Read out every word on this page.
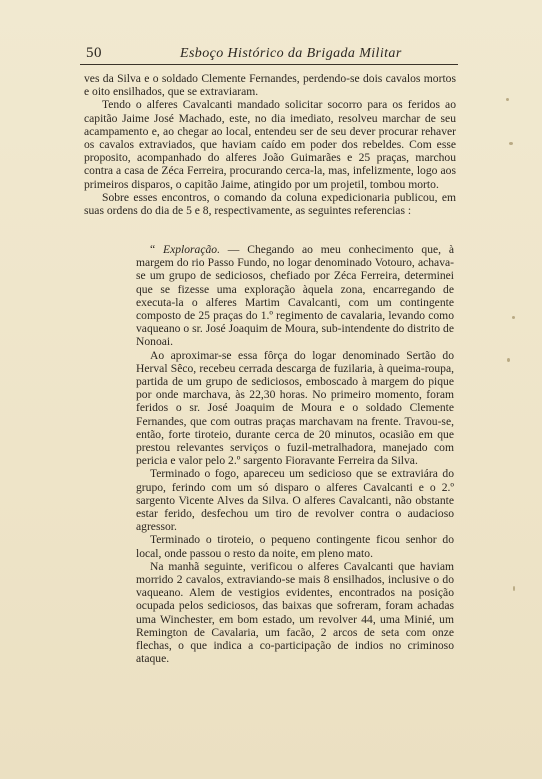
50	Esboço Histórico da Brigada Militar

ves da Silva e o soldado Clemente Fernandes, perdendo-se dois cavalos mortos e oito ensilhados, que se extraviaram.

Tendo o alferes Cavalcanti mandado solicitar socorro para os feridos ao capitão Jaime José Machado, este, no dia imediato, resolveu marchar de seu acampamento e, ao chegar ao local, entendeu ser de seu dever procurar rehaver os cavalos extraviados, que haviam caído em poder dos rebeldes. Com esse proposito, acompanhado do alferes João Guimarães e 25 praças, marchou contra a casa de Zéca Ferreira, procurando cerca-la, mas, infelizmente, logo aos primeiros disparos, o capitão Jaime, atingido por um projetil, tombou morto.

Sobre esses encontros, o comando da coluna expedicionaria publicou, em suas ordens do dia de 5 e 8, respectivamente, as seguintes referencias :

“ Exploração. — Chegando ao meu conhecimento que, à margem do rio Passo Fundo, no logar denominado Votouro, achava-se um grupo de sediciosos, chefiado por Zéca Ferreira, determinei que se fizesse uma exploração àquela zona, encarregando de executa-la o alferes Martim Cavalcanti, com um contingente composto de 25 praças do 1.º regimento de cavalaria, levando como vaqueano o sr. José Joaquim de Moura, sub-intendente do distrito de Nonoai.

Ao aproximar-se essa fôrça do logar denominado Sertão do Herval Sêco, recebeu cerrada descarga de fuzilaria, à queima-roupa, partida de um grupo de sediciosos, emboscado à margem do pique por onde marchava, às 22,30 horas. No primeiro momento, foram feridos o sr. José Joaquim de Moura e o soldado Clemente Fernandes, que com outras praças marchavam na frente. Travou-se, então, forte tiroteio, durante cerca de 20 minutos, ocasião em que prestou relevantes serviços o fuzil-metralhadora, manejado com pericia e valor pelo 2.º sargento Fioravante Ferreira da Silva.

Terminado o fogo, apareceu um sedicioso que se extraviára do grupo, ferindo com um só disparo o alferes Cavalcanti e o 2.º sargento Vicente Alves da Silva. O alferes Cavalcanti, não obstante estar ferido, desfechou um tiro de revolver contra o audacioso agressor.

Terminado o tiroteio, o pequeno contingente ficou senhor do local, onde passou o resto da noite, em pleno mato.

Na manhã seguinte, verificou o alferes Cavalcanti que haviam morrido 2 cavalos, extraviando-se mais 8 ensilhados, inclusive o do vaqueano. Alem de vestigios evidentes, encontrados na posição ocupada pelos sediciosos, das baixas que sofreram, foram achadas uma Winchester, em bom estado, um revolver 44, uma Minié, um Remington de Cavalaria, um facão, 2 arcos de seta com onze flechas, o que indica a co-participação de indios no criminoso ataque.
